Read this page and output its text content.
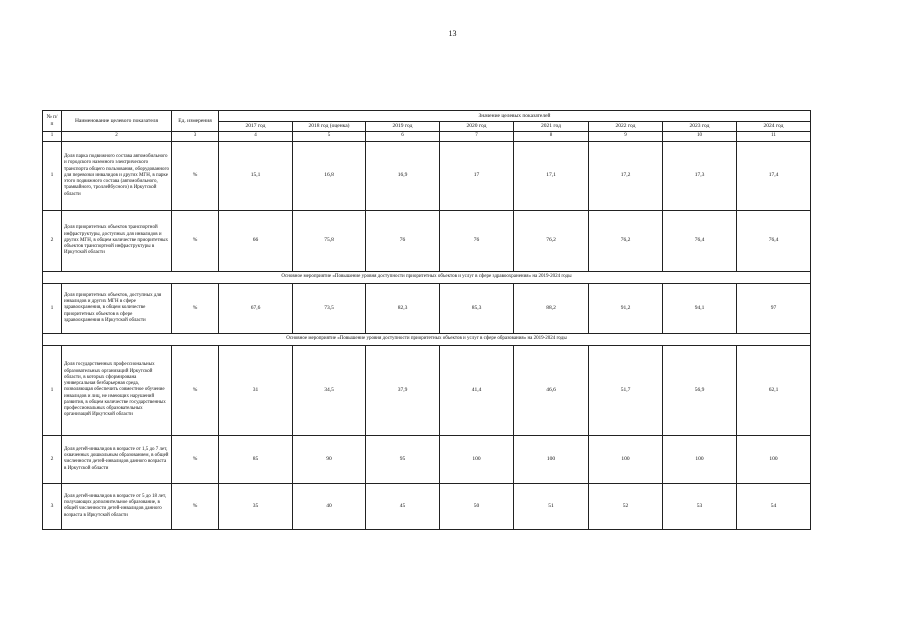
13
№ п/п	Наименование целевого показателя	Ед. измерения	Значение целевых показателей							
			2017 год	2018 год (оценка)	2019 год	2020 год	2021 год	2022 год	2023 год	2024 год
1	2	3	4	5	6	7	8	9	10	11
1	Доля парка подвижного состава автомобильного и городского наземного электрического транспорта общего пользования, оборудованного для перевозки инвалидов и других МГН, в парке этого подвижного состава (автомобильного, трамвайного, троллейбусного) в Иркутской области	%	15,1	16,8	16,9	17	17,1	17,2	17,3	17,4
2	Доля приоритетных объектов транспортной инфраструктуры, доступных для инвалидов и других МГН, в общем количестве приоритетных объектов транспортной инфраструктуры в Иркутской области	%	66	75,8	76	76	76,2	76,2	76,4	76,4
Основное мероприятие «Повышение уровня доступности приоритетных объектов и услуг в сфере здравоохранения» на 2019-2024 годы										
1	Доля приоритетных объектов, доступных для инвалидов и других МГН в сфере здравоохранения, в общем количестве приоритетных объектов в сфере здравоохранения в Иркутской области	%	67,6	73,5	82,3	85,3	88,2	91,2	94,1	97
Основное мероприятие «Повышение уровня доступности приоритетных объектов и услуг в сфере образования» на 2019-2024 годы										
1	Доля государственных профессиональных образовательных организаций Иркутской области, в которых сформирована универсальная безбарьерная среда, позволяющая обеспечить совместное обучение инвалидов и лиц, не имеющих нарушений развития, в общем количестве государственных профессиональных образовательных организаций Иркутской области	%	31	34,5	37,9	41,4	46,6	51,7	56,9	62,1
2	Доля детей-инвалидов в возрасте от 1,5 до 7 лет, охваченных дошкольным образованием, в общей численности детей-инвалидов данного возраста в Иркутской области	%	85	90	95	100	100	100	100	100
3	Доля детей-инвалидов в возрасте от 5 до 18 лет, получающих дополнительное образование, в общей численности детей-инвалидов данного возраста в Иркутской области	%	35	40	45	50	51	52	53	54
